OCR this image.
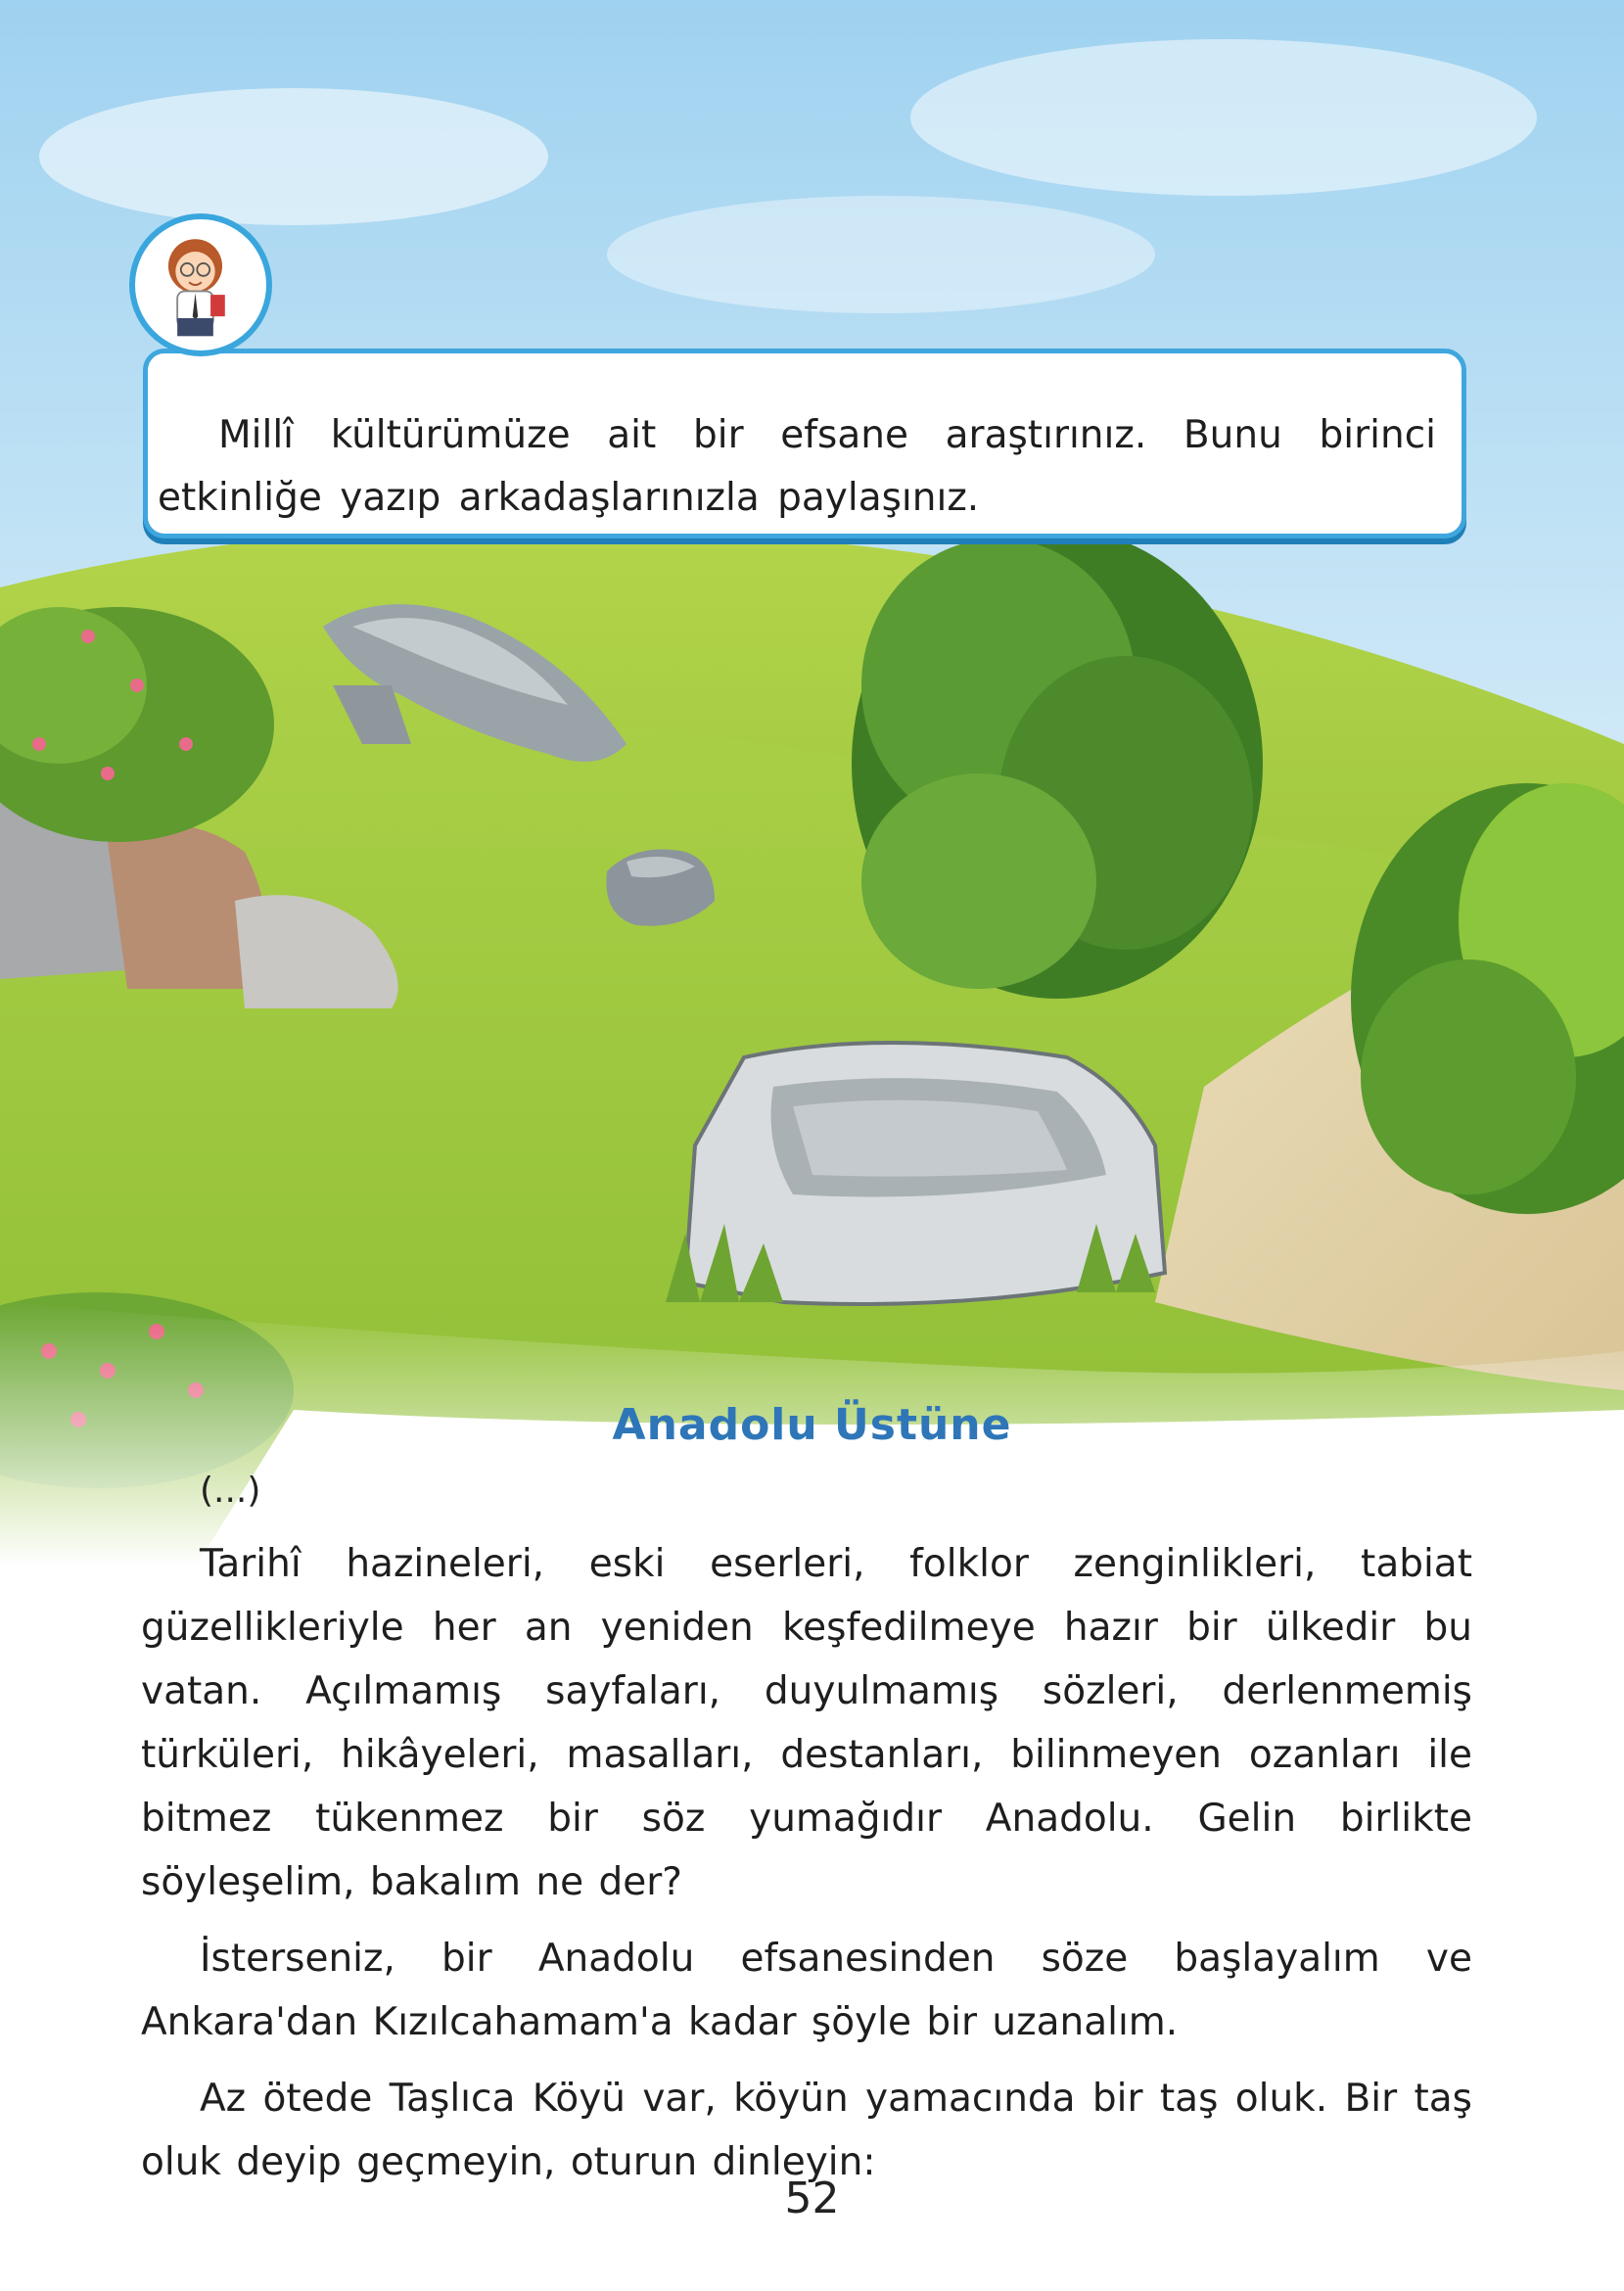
Millî kültürümüze ait bir efsane araştırınız. Bunu birinci etkinliğe yazıp arkadaşlarınızla paylaşınız.

Anadolu Üstüne
(...)

Tarihî hazineleri, eski eserleri, folklor zenginlikleri, tabiat güzellikleriyle her an yeniden keşfedilmeye hazır bir ülkedir bu vatan. Açılmamış sayfaları, duyulmamış sözleri, derlenmemiş türküleri, hikâyeleri, masalları, destanları, bilinmeyen ozanları ile bitmez tükenmez bir söz yumağıdır Anadolu. Gelin birlikte söyleşelim, bakalım ne der?

İsterseniz, bir Anadolu efsanesinden söze başlayalım ve Ankara'dan Kızılcahamam'a kadar şöyle bir uzanalım.

Az ötede Taşlıca Köyü var, köyün yamacında bir taş oluk. Bir taş oluk deyip geçmeyin, oturun dinleyin:

52
